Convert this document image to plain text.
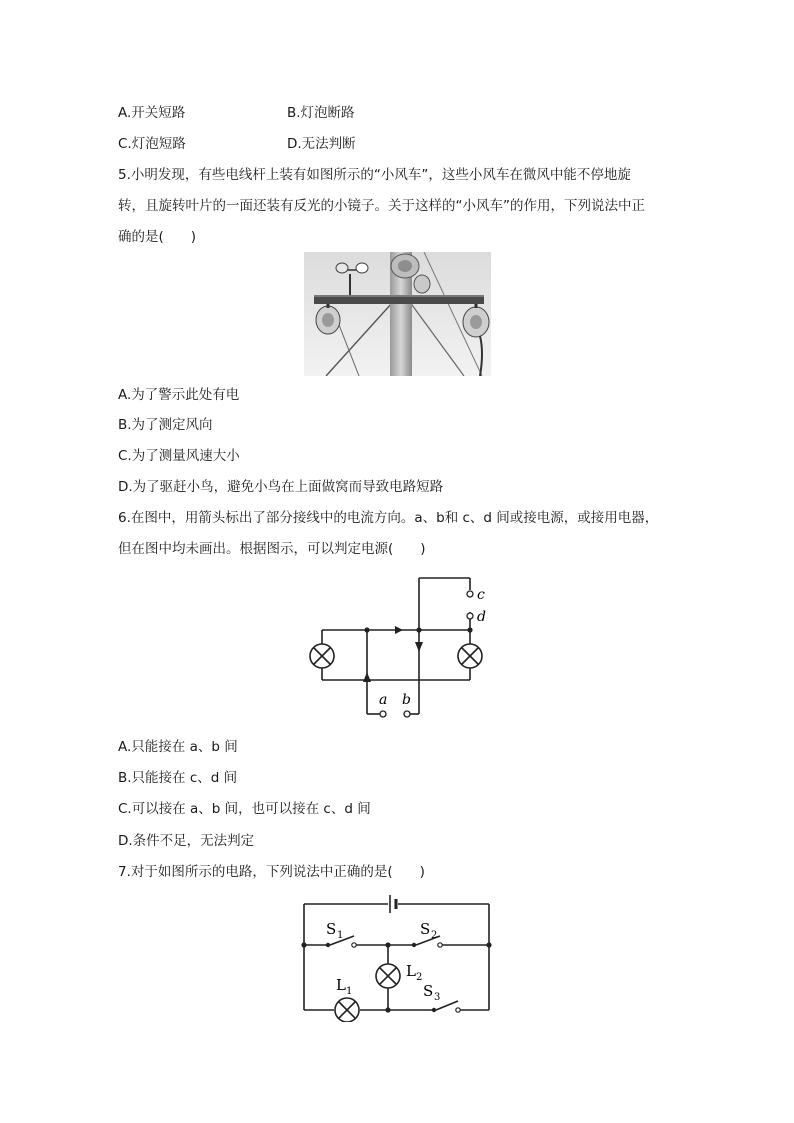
A.开关短路	B.灯泡断路
C.灯泡短路	D.无法判断
5.小明发现，有些电线杆上装有如图所示的“小风车”，这些小风车在微风中能不停地旋
转，且旋转叶片的一面还装有反光的小镜子。关于这样的“小风车”的作用，下列说法中正
确的是(　　)
A.为了警示此处有电
B.为了测定风向
C.为了测量风速大小
D.为了驱赶小鸟，避免小鸟在上面做窝而导致电路短路
6.在图中，用箭头标出了部分接线中的电流方向。a、b和 c、d 间或接电源，或接用电器，
但在图中均未画出。根据图示，可以判定电源(　　)
c
d
a b
A.只能接在 a、b 间
B.只能接在 c、d 间
C.可以接在 a、b 间，也可以接在 c、d 间
D.条件不足，无法判定
7.对于如图所示的电路，下列说法中正确的是(　　)
S 1	S 2
S 3
L 2
L 1
